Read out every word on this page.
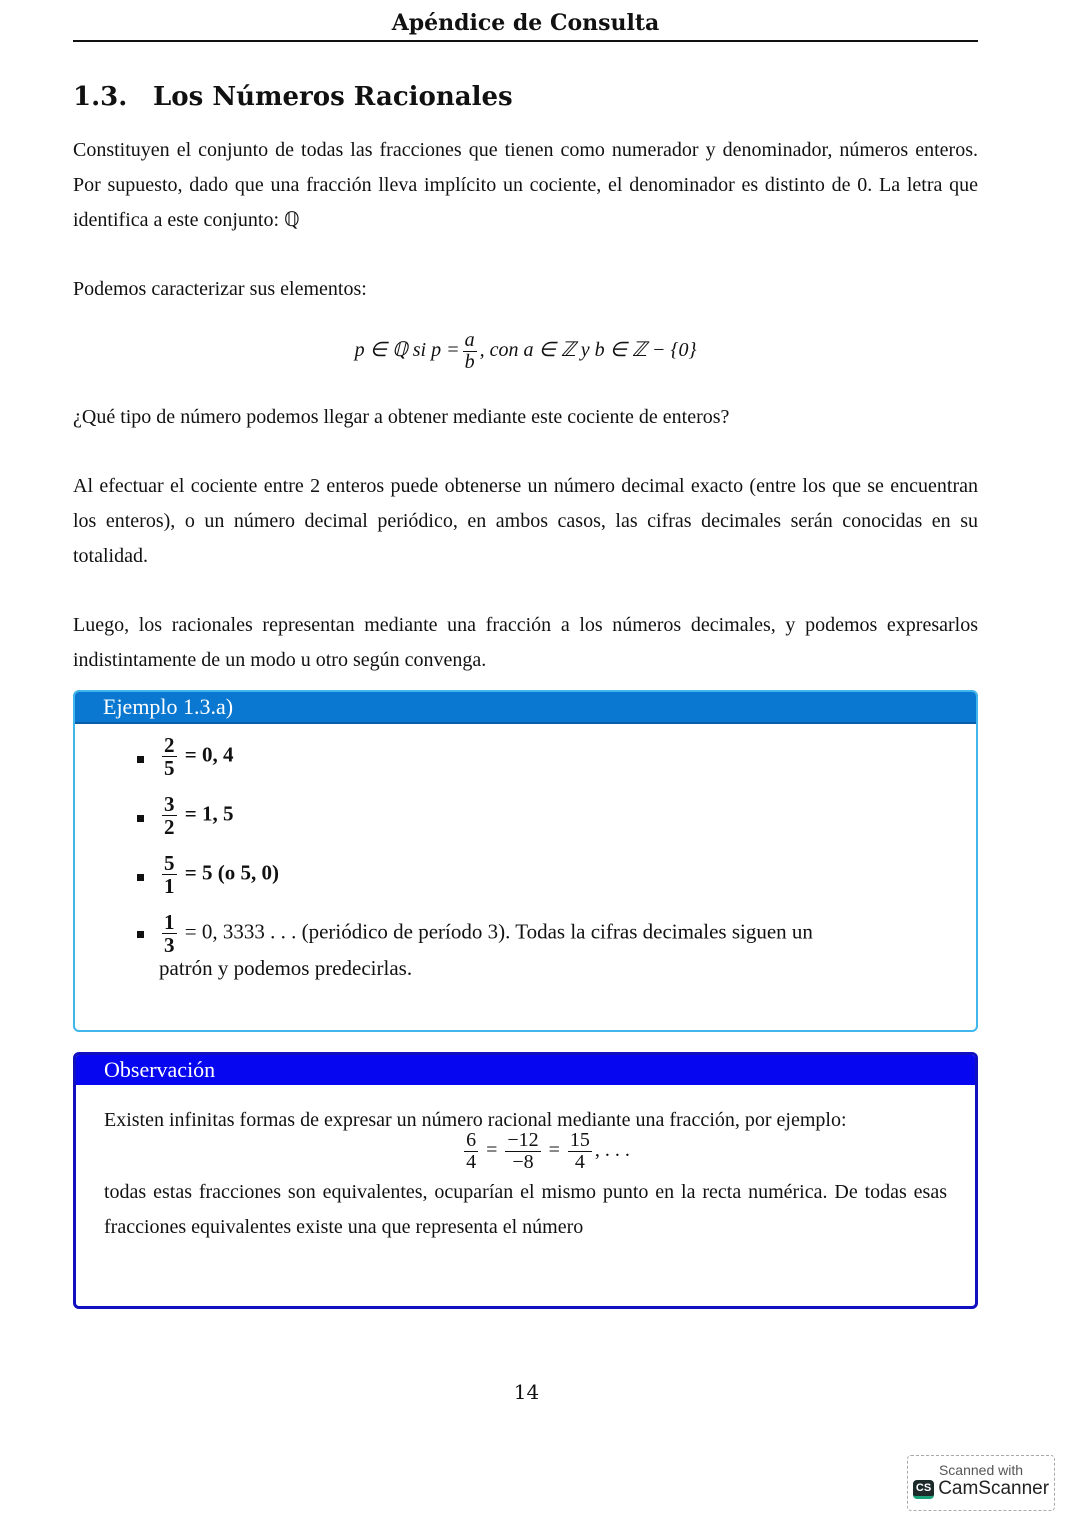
Apéndice de Consulta
1.3. Los Números Racionales
Constituyen el conjunto de todas las fracciones que tienen como numerador y denominador, números enteros. Por supuesto, dado que una fracción lleva implícito un cociente, el denominador es distinto de 0. La letra que identifica a este conjunto: ℚ
Podemos caracterizar sus elementos:
p ∈ ℚ si $p = \frac{a}{b}$ , con a ∈ ℤ y b ∈ ℤ − {0}
¿Qué tipo de número podemos llegar a obtener mediante este cociente de enteros?
Al efectuar el cociente entre 2 enteros puede obtenerse un número decimal exacto (entre los que se encuentran los enteros), o un número decimal periódico, en ambos casos, las cifras decimales serán conocidas en su totalidad.
Luego, los racionales representan mediante una fracción a los números decimales, y podemos expresarlos indistintamente de un modo u otro según convenga.
Ejemplo 1.3.a)
$\frac{2}{5} = 0$, 4
$\frac{3}{2} = 1$, 5
$\frac{5}{1} = 5$ (o 5, 0)
$\frac{1}{3} = 0$, 3333 . . . (periódico de período 3). Todas la cifras decimales siguen un
patrón y podemos predecirlas.
Observación
Existen infinitas formas de expresar un número racional mediante una fracción, por ejemplo:
$\frac{6}{4} = \frac{-12}{-8} = \frac{15}{4}$ , . . .
todas estas fracciones son equivalentes, ocuparían el mismo punto en la recta numérica. De todas esas fracciones equivalentes existe una que representa el número
14
Scanned with
CS CamScanner
